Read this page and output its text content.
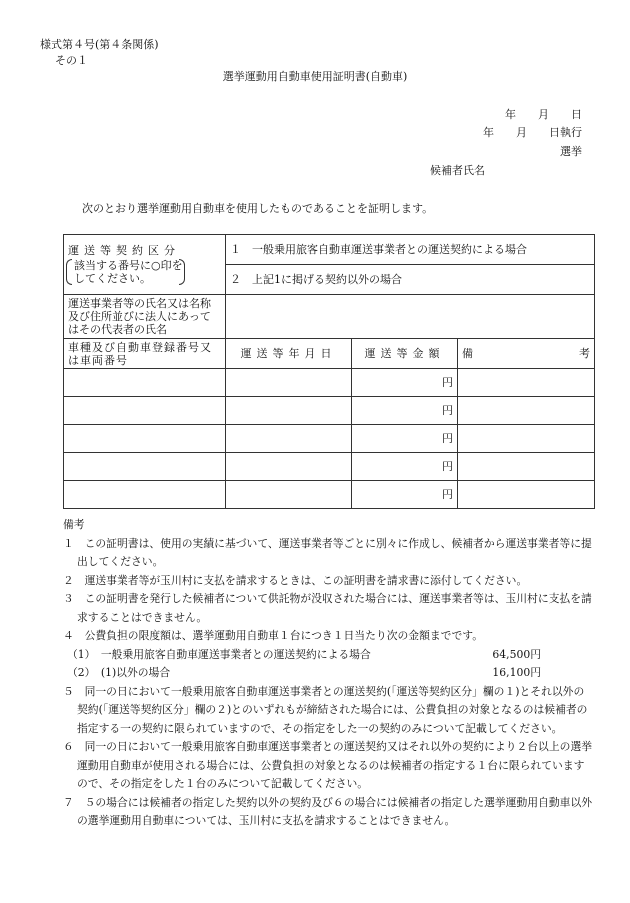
様式第４号(第４条関係)
その１
選挙運動用自動車使用証明書(自動車)
年　　月　　日
年　　月　　日執行
選挙
候補者氏名
次のとおり選挙運動用自動車を使用したものであることを証明します。
運送等契約区分
該当する番号に○印を
してください。	１　一般乗用旅客自動車運送事業者との運送契約による場合		
	２　上記1に掲げる契約以外の場合		
運送事業者等の氏名又は名称及び住所並びに法人にあってはその代表者の氏名			
車種及び自動車登録番号又は車両番号	運送等年月日	運送等金額	備 考

		円	
		円	
		円	
		円	
		円	
備考
１　この証明書は、使用の実績に基づいて、運送事業者等ごとに別々に作成し、候補者から運送事業者等に提出してください。
２　運送事業者等が玉川村に支払を請求するときは、この証明書を請求書に添付してください。
３　この証明書を発行した候補者について供託物が没収された場合には、運送事業者等は、玉川村に支払を請求することはできません。
４　公費負担の限度額は、選挙運動用自動車１台につき１日当たり次の金額までです。
（1）　一般乗用旅客自動車運送事業者との運送契約による場合	64,500円
（2）　(1)以外の場合	16,100円
５　同一の日において一般乗用旅客自動車運送事業者との運送契約(「運送等契約区分」欄の１)とそれ以外の契約(「運送等契約区分」欄の２)とのいずれもが締結された場合には、公費負担の対象となるのは候補者の指定する一の契約に限られていますので、その指定をした一の契約のみについて記載してください。
６　同一の日において一般乗用旅客自動車運送事業者との運送契約又はそれ以外の契約により２台以上の選挙運動用自動車が使用される場合には、公費負担の対象となるのは候補者の指定する１台に限られていますので、その指定をした１台のみについて記載してください。
７　５の場合には候補者の指定した契約以外の契約及び６の場合には候補者の指定した選挙運動用自動車以外の選挙運動用自動車については、玉川村に支払を請求することはできません。
